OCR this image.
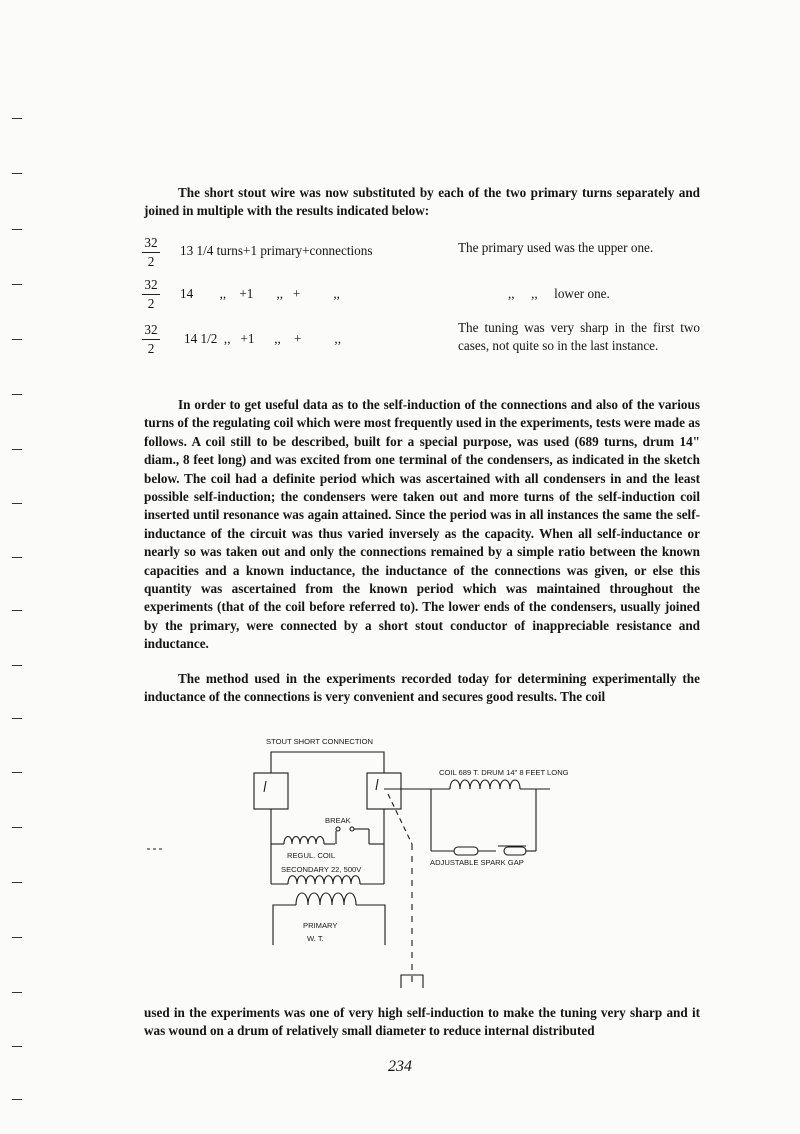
The short stout wire was now substituted by each of the two primary turns separately and joined in multiple with the results indicated below:

$\frac{32}{2} 13$ 1/4 turns+1 primary+connections	The primary used was the upper one.
$\frac{32}{2} 14$        ,,    +1       ,,   +          ,,	,,     ,,     lower one.
$\frac{32}{2} 14$ 1/2  ,,   +1      ,,    +          ,,
The tuning was very sharp in the first two cases, not quite so in the last instance.

In order to get useful data as to the self-induction of the connections and also of the various turns of the regulating coil which were most frequently used in the experiments, tests were made as follows. A coil still to be described, built for a special purpose, was used (689 turns, drum 14" diam., 8 feet long) and was excited from one terminal of the condensers, as indicated in the sketch below. The coil had a definite period which was ascertained with all condensers in and the least possible self-induction; the condensers were taken out and more turns of the self-induction coil inserted until resonance was again attained. Since the period was in all instances the same the self-inductance of the circuit was thus varied inversely as the capacity. When all self-inductance or nearly so was taken out and only the connections remained by a simple ratio between the known capacities and a known inductance, the inductance of the connections was given, or else this quantity was ascertained from the known period which was maintained throughout the experiments (that of the coil before referred to). The lower ends of the condensers, usually joined by the primary, were connected by a short stout conductor of inappreciable resistance and inductance.

The method used in the experiments recorded today for determining experimentally the inductance of the connections is very convenient and secures good results. The coil

STOUT SHORT CONNECTION
COIL 689 T. DRUM 14" 8 FEET LONG
BREAK
REGUL. COIL
SECONDARY 22, 500V
PRIMARY
W. T.
ADJUSTABLE SPARK GAP

used in the experiments was one of very high self-induction to make the tuning very sharp and it was wound on a drum of relatively small diameter to reduce internal distributed

234
